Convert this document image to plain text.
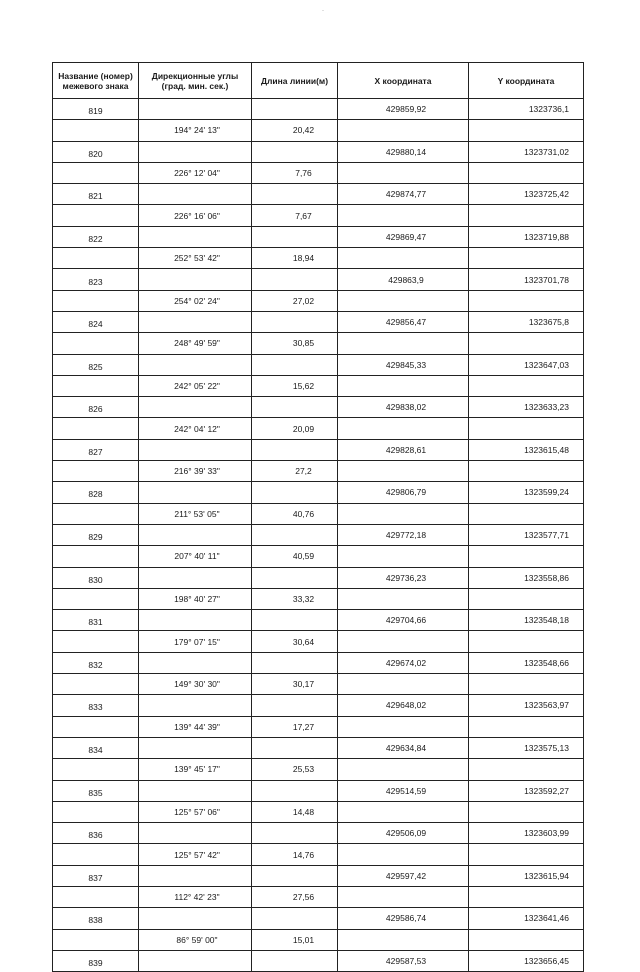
Название (номер) межевого знака	Дирекционные углы (град. мин. сек.)	Длина линии(м)	X координата	Y координата
819			429859,92	1323736,1
	194° 24' 13"	20,42		
820			429880,14	1323731,02
	226° 12' 04"	7,76		
821			429874,77	1323725,42
	226° 16' 06"	7,67		
822			429869,47	1323719,88
	252° 53' 42"	18,94		
823			429863,9	1323701,78
	254° 02' 24"	27,02		
824			429856,47	1323675,8
	248° 49' 59"	30,85		
825			429845,33	1323647,03
	242° 05' 22"	15,62		
826			429838,02	1323633,23
	242° 04' 12"	20,09		
827			429828,61	1323615,48
	216° 39' 33"	27,2		
828			429806,79	1323599,24
	211° 53' 05"	40,76		
829			429772,18	1323577,71
	207° 40' 11"	40,59		
830			429736,23	1323558,86
	198° 40' 27"	33,32		
831			429704,66	1323548,18
	179° 07' 15"	30,64		
832			429674,02	1323548,66
	149° 30' 30"	30,17		
833			429648,02	1323563,97
	139° 44' 39"	17,27		
834			429634,84	1323575,13
	139° 45' 17"	25,53		
835			429514,59	1323592,27
	125° 57' 06"	14,48		
836			429506,09	1323603,99
	125° 57' 42"	14,76		
837			429597,42	1323615,94
	112° 42' 23"	27,56		
838			429586,74	1323641,46
	86° 59' 00"	15,01		
839			429587,53	1323656,45
·
